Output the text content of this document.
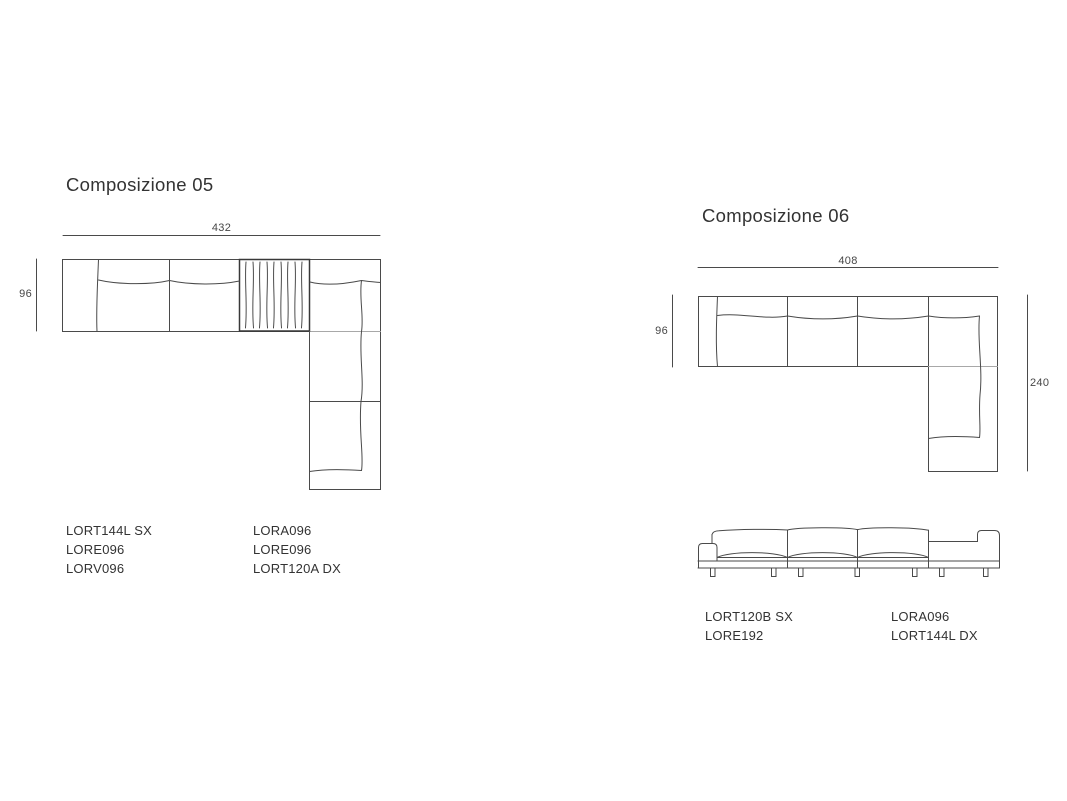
Composizione 05
432
96
LORT144L SX
LORE096
LORV096
LORA096
LORE096
LORT120A DX
Composizione 06
408
96
240
LORT120B SX
LORE192
LORA096
LORT144L DX
